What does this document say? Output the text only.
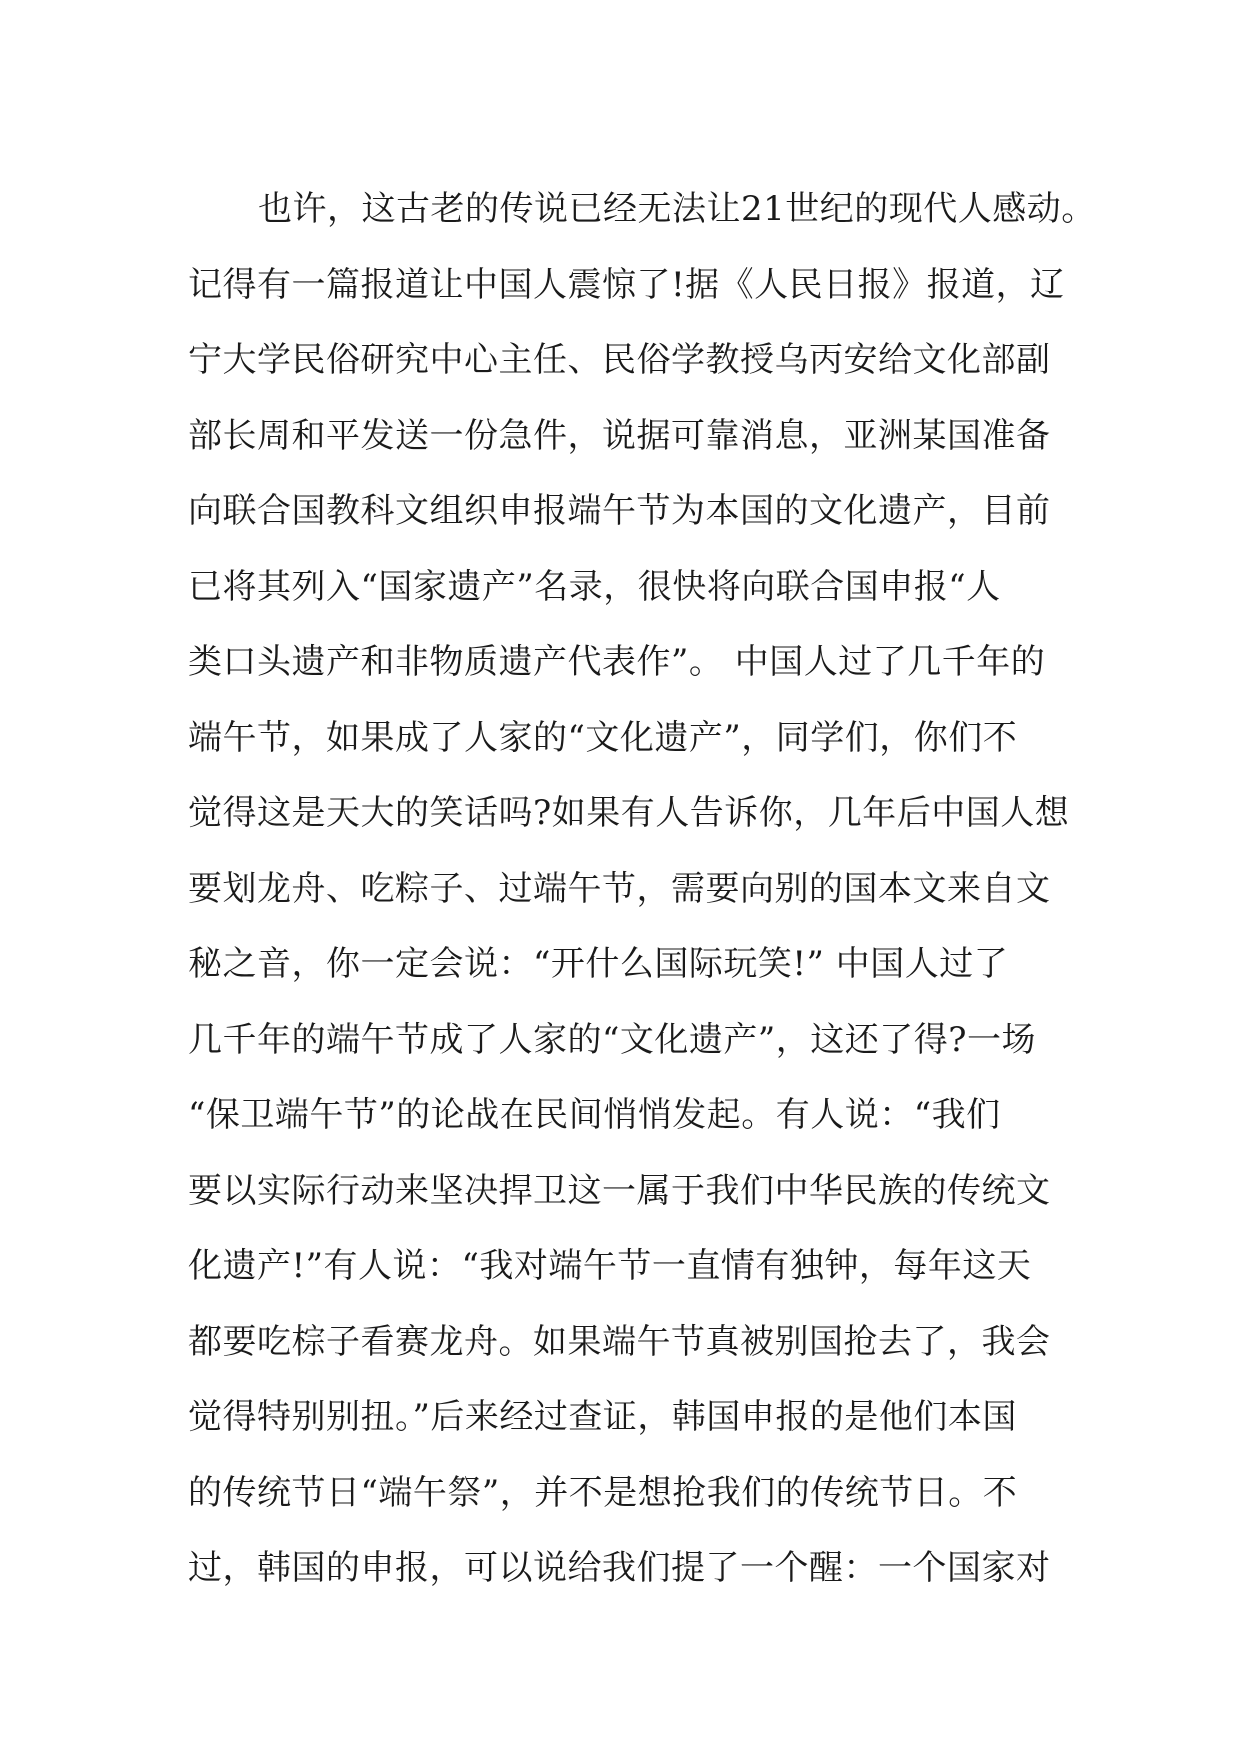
也许，这古老的传说已经无法让21世纪的现代人感动。
记得有一篇报道让中国人震惊了!据《人民日报》报道，辽
宁大学民俗研究中心主任、民俗学教授乌丙安给文化部副
部长周和平发送一份急件，说据可靠消息，亚洲某国准备
向联合国教科文组织申报端午节为本国的文化遗产，目前
已将其列入“国家遗产”名录，很快将向联合国申报“人
类口头遗产和非物质遗产代表作”。 中国人过了几千年的
端午节，如果成了人家的“文化遗产”，同学们，你们不
觉得这是天大的笑话吗?如果有人告诉你，几年后中国人想
要划龙舟、吃粽子、过端午节，需要向别的国本文来自文
秘之音，你一定会说：“开什么国际玩笑!” 中国人过了
几千年的端午节成了人家的“文化遗产”，这还了得?一场
“保卫端午节”的论战在民间悄悄发起。有人说：“我们
要以实际行动来坚决捍卫这一属于我们中华民族的传统文
化遗产!”有人说：“我对端午节一直情有独钟，每年这天
都要吃棕子看赛龙舟。如果端午节真被别国抢去了，我会
觉得特别别扭。”后来经过查证，韩国申报的是他们本国
的传统节日“端午祭”，并不是想抢我们的传统节日。不
过，韩国的申报，可以说给我们提了一个醒：一个国家对
